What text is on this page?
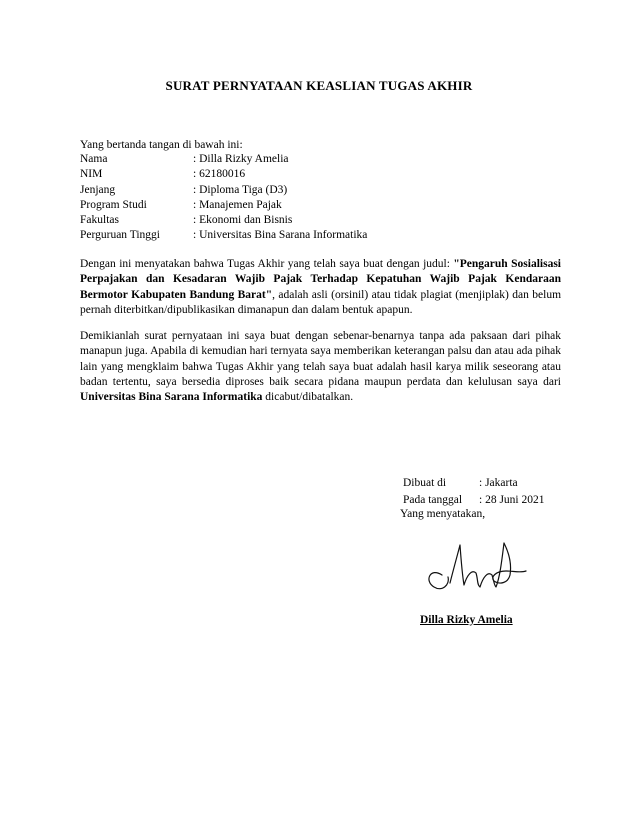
SURAT PERNYATAAN KEASLIAN TUGAS AKHIR
Yang bertanda tangan di bawah ini:
Nama	: Dilla Rizky Amelia
NIM	: 62180016
Jenjang	: Diploma Tiga (D3)
Program Studi	: Manajemen Pajak
Fakultas	: Ekonomi dan Bisnis
Perguruan Tinggi	: Universitas Bina Sarana Informatika

Dengan ini menyatakan bahwa Tugas Akhir yang telah saya buat dengan judul: "Pengaruh Sosialisasi Perpajakan dan Kesadaran Wajib Pajak Terhadap Kepatuhan Wajib Pajak Kendaraan Bermotor Kabupaten Bandung Barat", adalah asli (orsinil) atau tidak plagiat (menjiplak) dan belum pernah diterbitkan/dipublikasikan dimanapun dan dalam bentuk apapun.

Demikianlah surat pernyataan ini saya buat dengan sebenar-benarnya tanpa ada paksaan dari pihak manapun juga. Apabila di kemudian hari ternyata saya memberikan keterangan palsu dan atau ada pihak lain yang mengklaim bahwa Tugas Akhir yang telah saya buat adalah hasil karya milik seseorang atau badan tertentu, saya bersedia diproses baik secara pidana maupun perdata dan kelulusan saya dari Universitas Bina Sarana Informatika dicabut/dibatalkan.

Dibuat di	: Jakarta
Pada tanggal	: 28 Juni 2021
Yang menyatakan,
Dilla Rizky Amelia
